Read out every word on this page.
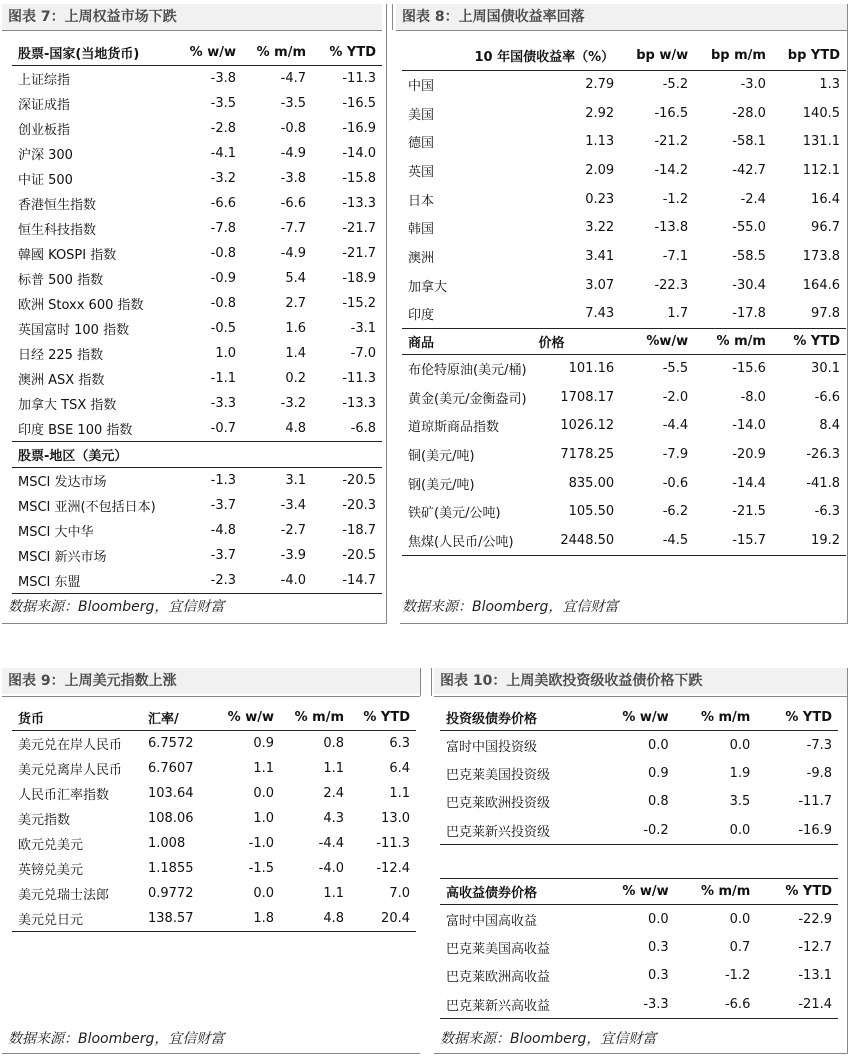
图表 7：上周权益市场下跌
股票-国家(当地货币)	% w/w	% m/m	% YTD
上证综指	-3.8	-4.7	-11.3
深证成指	-3.5	-3.5	-16.5
创业板指	-2.8	-0.8	-16.9
沪深 300	-4.1	-4.9	-14.0
中证 500	-3.2	-3.8	-15.8
香港恒生指数	-6.6	-6.6	-13.3
恒生科技指数	-7.8	-7.7	-21.7
韓國 KOSPI 指数	-0.8	-4.9	-21.7
标普 500 指数	-0.9	5.4	-18.9
欧洲 Stoxx 600 指数	-0.8	2.7	-15.2
英国富时 100 指数	-0.5	1.6	-3.1
日经 225 指数	1.0	1.4	-7.0
澳洲 ASX 指数	-1.1	0.2	-11.3
加拿大 TSX 指数	-3.3	-3.2	-13.3
印度 BSE 100 指数	-0.7	4.8	-6.8
股票-地区（美元）			
MSCI 发达市场	-1.3	3.1	-20.5
MSCI 亚洲(不包括日本)	-3.7	-3.4	-20.3
MSCI 大中华	-4.8	-2.7	-18.7
MSCI 新兴市场	-3.7	-3.9	-20.5
MSCI 东盟	-2.3	-4.0	-14.7
数据来源：Bloomberg，宜信财富
图表 8：上周国债收益率回落
10 年国债收益率（%）		bp w/w	bp m/m	bp YTD
中国	2.79	-5.2	-3.0	1.3
美国	2.92	-16.5	-28.0	140.5
德国	1.13	-21.2	-58.1	131.1
英国	2.09	-14.2	-42.7	112.1
日本	0.23	-1.2	-2.4	16.4
韩国	3.22	-13.8	-55.0	96.7
澳洲	3.41	-7.1	-58.5	173.8
加拿大	3.07	-22.3	-30.4	164.6
印度	7.43	1.7	-17.8	97.8
商品	价格	%w/w	% m/m	% YTD
布伦特原油(美元/桶)	101.16	-5.5	-15.6	30.1
黄金(美元/金衡盎司)	1708.17	-2.0	-8.0	-6.6
道琼斯商品指数	1026.12	-4.4	-14.0	8.4
铜(美元/吨)	7178.25	-7.9	-20.9	-26.3
钢(美元/吨)	835.00	-0.6	-14.4	-41.8
铁矿(美元/公吨)	105.50	-6.2	-21.5	-6.3
焦煤(人民币/公吨)	2448.50	-4.5	-15.7	19.2
数据来源：Bloomberg，宜信财富
图表 9：上周美元指数上涨
货币	汇率/	% w/w	% m/m	% YTD
美元兑在岸人民币	6.7572	0.9	0.8	6.3
美元兑离岸人民币	6.7607	1.1	1.1	6.4
人民币汇率指数	103.64	0.0	2.4	1.1
美元指数	108.06	1.0	4.3	13.0
欧元兑美元	1.008	-1.0	-4.4	-11.3
英镑兑美元	1.1855	-1.5	-4.0	-12.4
美元兑瑞士法郎	0.9772	0.0	1.1	7.0
美元兑日元	138.57	1.8	4.8	20.4
数据来源：Bloomberg，宜信财富
图表 10：上周美欧投资级收益债价格下跌
投资级债券价格	% w/w	% m/m	% YTD
富时中国投资级	0.0	0.0	-7.3
巴克莱美国投资级	0.9	1.9	-9.8
巴克莱欧洲投资级	0.8	3.5	-11.7
巴克莱新兴投资级	-0.2	0.0	-16.9
高收益债券价格	% w/w	% m/m	% YTD
富时中国高收益	0.0	0.0	-22.9
巴克莱美国高收益	0.3	0.7	-12.7
巴克莱欧洲高收益	0.3	-1.2	-13.1
巴克莱新兴高收益	-3.3	-6.6	-21.4
数据来源：Bloomberg，宜信财富
